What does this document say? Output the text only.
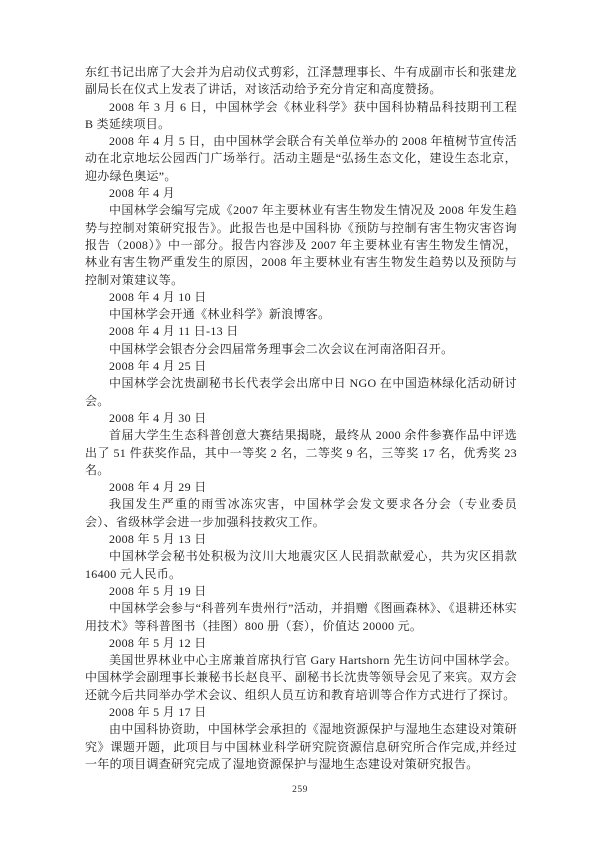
东红书记出席了大会并为启动仪式剪彩，江泽慧理事长、牛有成副市长和张建龙副局长在仪式上发表了讲话，对该活动给予充分肯定和高度赞扬。

2008 年 3 月 6 日，中国林学会《林业科学》获中国科协精品科技期刊工程 B 类延续项目。

2008 年 4 月 5 日，由中国林学会联合有关单位举办的 2008 年植树节宣传活动在北京地坛公园西门广场举行。活动主题是“弘扬生态文化，建设生态北京，迎办绿色奥运”。

2008 年 4 月

中国林学会编写完成《2007 年主要林业有害生物发生情况及 2008 年发生趋势与控制对策研究报告》。此报告也是中国科协《预防与控制有害生物灾害咨询报告（2008）》中一部分。报告内容涉及 2007 年主要林业有害生物发生情况，林业有害生物严重发生的原因，2008 年主要林业有害生物发生趋势以及预防与控制对策建议等。

2008 年 4 月 10 日

中国林学会开通《林业科学》新浪博客。

2008 年 4 月 11 日-13 日

中国林学会银杏分会四届常务理事会二次会议在河南洛阳召开。

2008 年 4 月 25 日

中国林学会沈贵副秘书长代表学会出席中日 NGO 在中国造林绿化活动研讨会。

2008 年 4 月 30 日

首届大学生生态科普创意大赛结果揭晓，最终从 2000 余件参赛作品中评选出了 51 件获奖作品，其中一等奖 2 名，二等奖 9 名，三等奖 17 名，优秀奖 23 名。

2008 年 4 月 29 日

我国发生严重的雨雪冰冻灾害，中国林学会发文要求各分会（专业委员会）、省级林学会进一步加强科技救灾工作。

2008 年 5 月 13 日

中国林学会秘书处积极为汶川大地震灾区人民捐款献爱心，共为灾区捐款 16400 元人民币。

2008 年 5 月 19 日

中国林学会参与“科普列车贵州行”活动，并捐赠《图画森林》、《退耕还林实用技术》等科普图书（挂图）800 册（套），价值达 20000 元。

2008 年 5 月 12 日

美国世界林业中心主席兼首席执行官 Gary Hartshorn 先生访问中国林学会。中国林学会副理事长兼秘书长赵良平、副秘书长沈贵等领导会见了来宾。双方会还就今后共同举办学术会议、组织人员互访和教育培训等合作方式进行了探讨。

2008 年 5 月 17 日

由中国科协资助，中国林学会承担的《湿地资源保护与湿地生态建设对策研究》课题开题，此项目与中国林业科学研究院资源信息研究所合作完成,并经过一年的项目调查研究完成了湿地资源保护与湿地生态建设对策研究报告。

259
